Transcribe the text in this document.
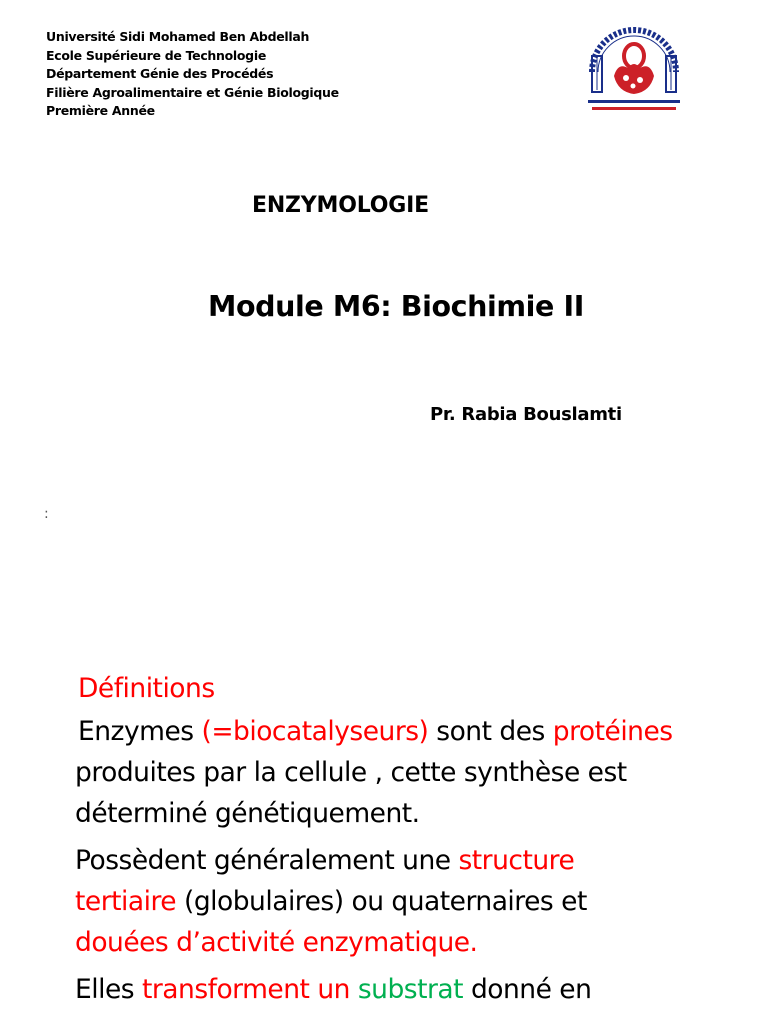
Université Sidi Mohamed Ben Abdellah
Ecole Supérieure de Technologie
Département Génie des Procédés
Filière Agroalimentaire et Génie Biologique
Première Année
ENZYMOLOGIE
Module M6: Biochimie II
Pr. Rabia Bouslamti
:
Définitions

Enzymes (=biocatalyseurs) sont des protéines
produites par la cellule , cette synthèse est
déterminé génétiquement.

Possèdent généralement une structure
tertiaire (globulaires) ou quaternaires et
douées d’activité enzymatique.

Elles transforment un substrat donné en
